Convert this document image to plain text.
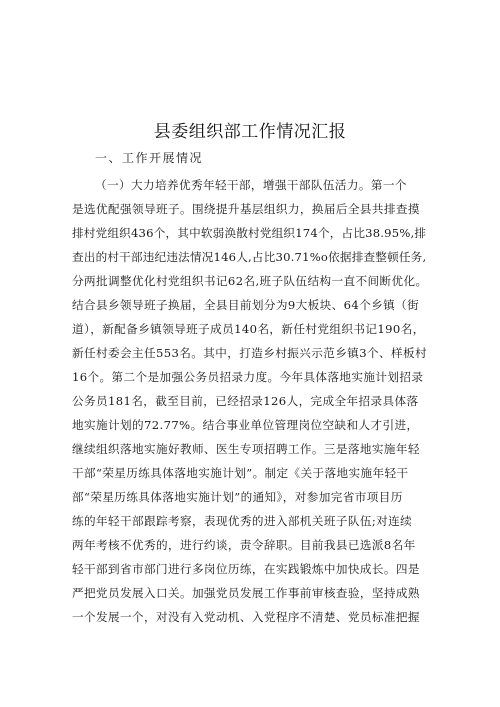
县委组织部工作情况汇报
一、工作开展情况
（一）大力培养优秀年轻干部，增强干部队伍活力。第一个
是选优配强领导班子。围绕提升基层组织力，换届后全县共排查摸
排村党组织436个，其中软弱涣散村党组织174个，占比38.95%,排
查出的村干部违纪违法情况146人,占比30.71%o依据排查整顿任务,
分两批调整优化村党组织书记62名,班子队伍结构一直不间断优化。
结合县乡领导班子换届，全县目前划分为9大板块、64个乡镇（街
道），新配备乡镇领导班子成员140名，新任村党组织书记190名，
新任村委会主任553名。其中，打造乡村振兴示范乡镇3个、样板村
16个。第二个是加强公务员招录力度。今年具体落地实施计划招录
公务员181名，截至目前，已经招录126人，完成全年招录具体落
地实施计划的72.77%。结合事业单位管理岗位空缺和人才引进，
继续组织落地实施好教师、医生专项招聘工作。三是落地实施年轻
干部“荣星历练具体落地实施计划”。制定《关于落地实施年轻干
部“荣星历练具体落地实施计划”的通知》，对参加完省市项目历
练的年轻干部跟踪考察，表现优秀的进入部机关班子队伍;对连续
两年考核不优秀的，进行约谈，责令辞职。目前我县已选派8名年
轻干部到省市部门进行多岗位历练，在实践锻炼中加快成长。四是
严把党员发展入口关。加强党员发展工作事前审核查验，坚持成熟
一个发展一个，对没有入党动机、入党程序不清楚、党员标准把握
